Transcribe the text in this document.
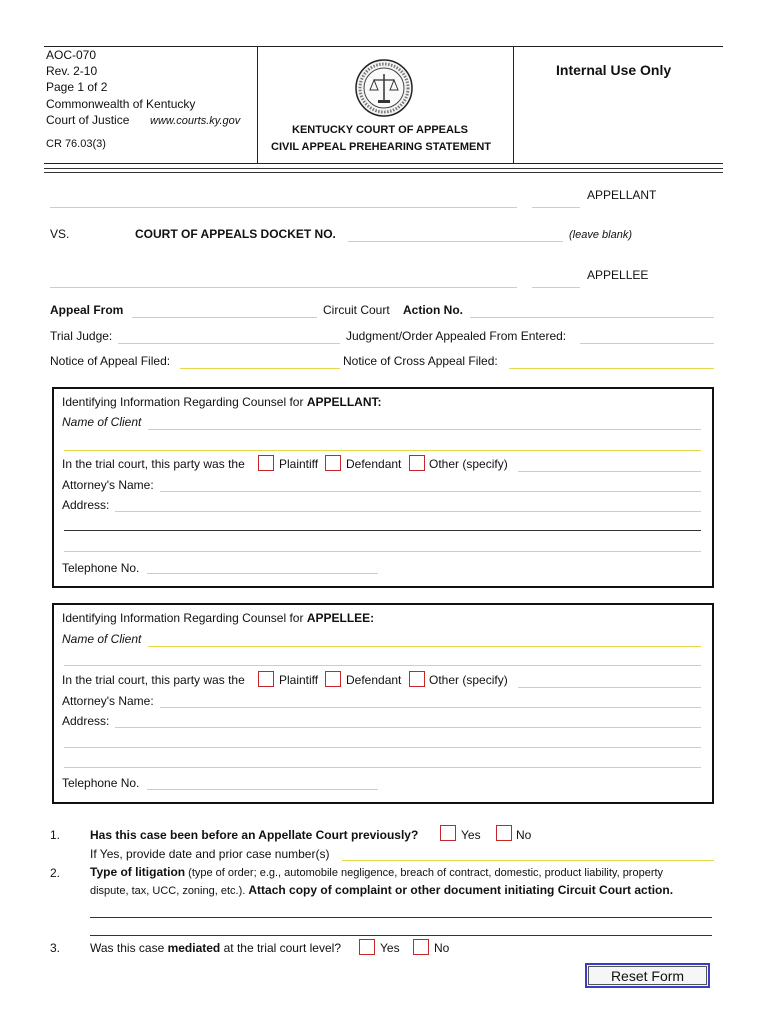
AOC-070
Rev. 2-10
Page 1 of 2
Commonwealth of Kentucky
Court of Justice www.courts.ky.gov
CR 76.03(3)
KENTUCKY COURT OF APPEALS
CIVIL APPEAL PREHEARING STATEMENT
Internal Use Only
APPELLANT
VS.	COURT OF APPEALS DOCKET NO.	(leave blank)
APPELLEE
Appeal From	Circuit Court Action No.
Trial Judge:	Judgment/Order Appealed From Entered:
Notice of Appeal Filed:	Notice of Cross Appeal Filed:
Identifying Information Regarding Counsel for APPELLANT:
Name of Client
In the trial court, this party was the	Plaintiff Defendant Other (specify)
Attorney's Name:
Address:
Telephone No.
Identifying Information Regarding Counsel for APPELLEE:
Name of Client
In the trial court, this party was the	Plaintiff Defendant Other (specify)
Attorney's Name:
Address:
Telephone No.
1. Has this case been before an Appellate Court previously?	Yes	No
If Yes, provide date and prior case number(s)
2. Type of litigation (type of order; e.g., automobile negligence, breach of contract, domestic, product liability, property
dispute, tax, UCC, zoning, etc.). Attach copy of complaint or other document initiating Circuit Court action.
3. Was this case mediated at the trial court level?	Yes	No
Reset Form
